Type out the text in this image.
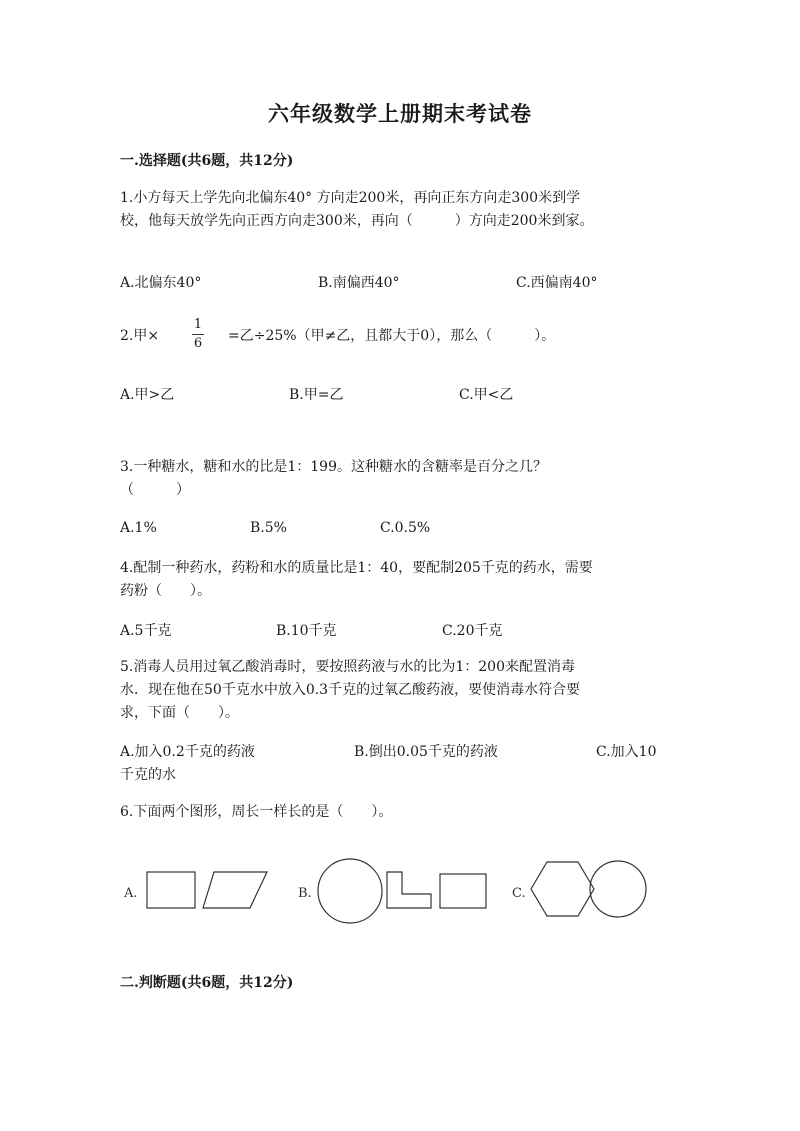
六年级数学上册期末考试卷
一.选择题(共6题，共12分)
1.小方每天上学先向北偏东40° 方向走200米，再向正东方向走300米到学
校，他每天放学先向正西方向走300米，再向（　　　）方向走200米到家。
A.北偏东40°	B.南偏西40°	C.西偏南40°
2.甲×
1
6 =乙÷25%（甲≠乙，且都大于0），那么（　　　）。
A.甲>乙	B.甲=乙	C.甲<乙
3.一种糖水，糖和水的比是1：199。这种糖水的含糖率是百分之几？
（　　　）
A.1%	B.5%	C.0.5%
4.配制一种药水，药粉和水的质量比是1：40，要配制205千克的药水，需要
药粉（　　）。
A.5千克	B.10千克	C.20千克
5.消毒人员用过氧乙酸消毒时，要按照药液与水的比为1：200来配置消毒
水．现在他在50千克水中放入0.3千克的过氧乙酸药液，要使消毒水符合要
求，下面（　　）。
A.加入0.2千克的药液	B.倒出0.05千克的药液	C.加入10
千克的水
6.下面两个图形，周长一样长的是（　　）。
A.	B.	C.
二.判断题(共6题，共12分)
